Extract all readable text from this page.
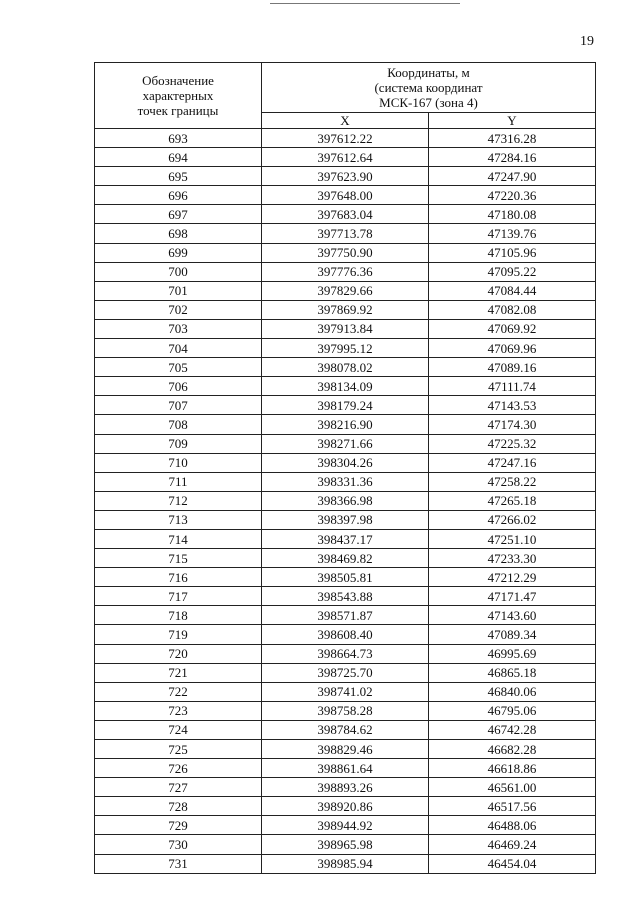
19
Обозначение
характерных
точек границы	Координаты, м
(система координат
МСК-167 (зона 4)	

	X	Y
693	397612.22	47316.28
694	397612.64	47284.16
695	397623.90	47247.90
696	397648.00	47220.36
697	397683.04	47180.08
698	397713.78	47139.76
699	397750.90	47105.96
700	397776.36	47095.22
701	397829.66	47084.44
702	397869.92	47082.08
703	397913.84	47069.92
704	397995.12	47069.96
705	398078.02	47089.16
706	398134.09	47111.74
707	398179.24	47143.53
708	398216.90	47174.30
709	398271.66	47225.32
710	398304.26	47247.16
711	398331.36	47258.22
712	398366.98	47265.18
713	398397.98	47266.02
714	398437.17	47251.10
715	398469.82	47233.30
716	398505.81	47212.29
717	398543.88	47171.47
718	398571.87	47143.60
719	398608.40	47089.34
720	398664.73	46995.69
721	398725.70	46865.18
722	398741.02	46840.06
723	398758.28	46795.06
724	398784.62	46742.28
725	398829.46	46682.28
726	398861.64	46618.86
727	398893.26	46561.00
728	398920.86	46517.56
729	398944.92	46488.06
730	398965.98	46469.24
731	398985.94	46454.04
